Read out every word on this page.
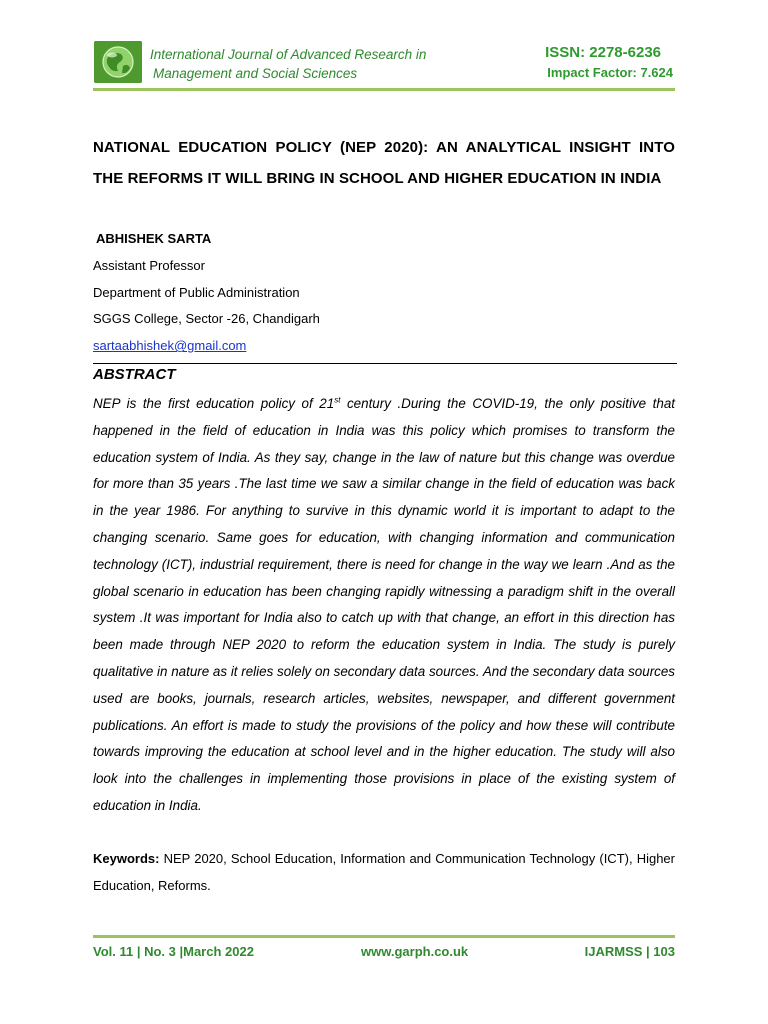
International Journal of Advanced Research in
Management and Social Sciences
ISSN: 2278-6236
Impact Factor: 7.624
NATIONAL EDUCATION POLICY (NEP 2020): AN ANALYTICAL INSIGHT INTO THE REFORMS IT WILL BRING IN SCHOOL AND HIGHER EDUCATION IN INDIA
ABHISHEK SARTA
Assistant Professor
Department of Public Administration
SGGS College, Sector -26, Chandigarh
sartaabhishek@gmail.com
ABSTRACT

NEP is the first education policy of 21st century .During the COVID-19, the only positive that happened in the field of education in India was this policy which promises to transform the education system of India. As they say, change in the law of nature but this change was overdue for more than 35 years .The last time we saw a similar change in the field of education was back in the year 1986. For anything to survive in this dynamic world it is important to adapt to the changing scenario. Same goes for education, with changing information and communication technology (ICT), industrial requirement, there is need for change in the way we learn .And as the global scenario in education has been changing rapidly witnessing a paradigm shift in the overall system .It was important for India also to catch up with that change, an effort in this direction has been made through NEP 2020 to reform the education system in India. The study is purely qualitative in nature as it relies solely on secondary data sources. And the secondary data sources used are books, journals, research articles, websites, newspaper, and different government publications. An effort is made to study the provisions of the policy and how these will contribute towards improving the education at school level and in the higher education. The study will also look into the challenges in implementing those provisions in place of the existing system of education in India.

Keywords: NEP 2020, School Education, Information and Communication Technology (ICT), Higher Education, Reforms.

Vol. 11 | No. 3 |March 2022	www.garph.co.uk	IJARMSS | 103
